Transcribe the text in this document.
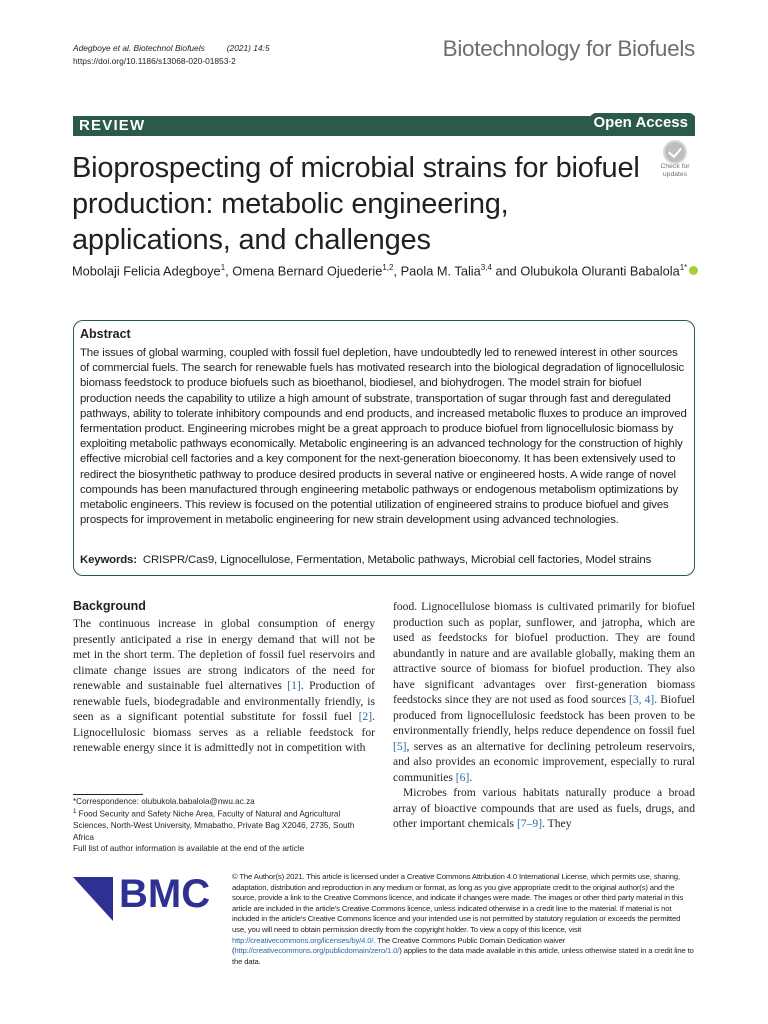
Adegboye et al. Biotechnol Biofuels	(2021) 14:5
https://doi.org/10.1186/s13068-020-01853-2	Biotechnology for Biofuels
REVIEW	Open Access
Bioprospecting of microbial strains for biofuel production: metabolic engineering, applications, and challenges
Check for
updates
Mobolaji Felicia Adegboye$^1$, Omena Bernard Ojuederie$^{1,2}$, Paola M. Talia$^{3,4}$ and Olubukola Oluranti Babalola$^{1*}$
Abstract
The issues of global warming, coupled with fossil fuel depletion, have undoubtedly led to renewed interest in other sources of commercial fuels. The search for renewable fuels has motivated research into the biological degradation of lignocellulosic biomass feedstock to produce biofuels such as bioethanol, biodiesel, and biohydrogen. The model strain for biofuel production needs the capability to utilize a high amount of substrate, transportation of sugar through fast and deregulated pathways, ability to tolerate inhibitory compounds and end products, and increased metabolic fluxes to produce an improved fermentation product. Engineering microbes might be a great approach to produce biofuel from lignocellulosic biomass by exploiting metabolic pathways economically. Metabolic engineering is an advanced technology for the construction of highly effective microbial cell factories and a key component for the next-generation bioeconomy. It has been extensively used to redirect the biosynthetic pathway to produce desired products in several native or engineered hosts. A wide range of novel compounds has been manufactured through engineering metabolic pathways or endogenous metabolism optimizations by metabolic engineers. This review is focused on the potential utilization of engineered strains to produce biofuel and gives prospects for improvement in metabolic engineering for new strain development using advanced technologies.
Keywords: CRISPR/Cas9, Lignocellulose, Fermentation, Metabolic pathways, Microbial cell factories, Model strains
Background
The continuous increase in global consumption of energy presently anticipated a rise in energy demand that will not be met in the short term. The depletion of fossil fuel reservoirs and climate change issues are strong indicators of the need for renewable and sustainable fuel alternatives [1]. Production of renewable fuels, biodegradable and environmentally friendly, is seen as a significant potential substitute for fossil fuel [2]. Lignocellulosic biomass serves as a reliable feedstock for renewable energy since it is admittedly not in competition with
food. Lignocellulose biomass is cultivated primarily for biofuel production such as poplar, sunflower, and jatropha, which are used as feedstocks for biofuel production. They are found abundantly in nature and are available globally, making them an attractive source of biomass for biofuel production. They also have significant advantages over first-generation biomass feedstocks since they are not used as food sources [3, 4]. Biofuel produced from lignocellulosic feedstock has been proven to be environmentally friendly, helps reduce dependence on fossil fuel [5], serves as an alternative for declining petroleum reservoirs, and also provides an economic improvement, especially to rural communities [6].
Microbes from various habitats naturally produce a broad array of bioactive compounds that are used as fuels, drugs, and other important chemicals [7–9]. They
*Correspondence: olubukola.babalola@nwu.ac.za
$^1$ Food Security and Safety Niche Area, Faculty of Natural and Agricultural Sciences, North-West University, Mmabatho, Private Bag X2046, 2735, South Africa
Full list of author information is available at the end of the article
BMC	© The Author(s) 2021. This article is licensed under a Creative Commons Attribution 4.0 International License, which permits use, sharing, adaptation, distribution and reproduction in any medium or format, as long as you give appropriate credit to the original author(s) and the source, provide a link to the Creative Commons licence, and indicate if changes were made. The images or other third party material in this article are included in the article's Creative Commons licence, unless indicated otherwise in a credit line to the material. If material is not included in the article's Creative Commons licence and your intended use is not permitted by statutory regulation or exceeds the permitted use, you will need to obtain permission directly from the copyright holder. To view a copy of this licence, visit http://creativecommons.org/licenses/by/4.0/. The Creative Commons Public Domain Dedication waiver (http://creativecommons.org/publicdomain/zero/1.0/) applies to the data made available in this article, unless otherwise stated in a credit line to the data.
